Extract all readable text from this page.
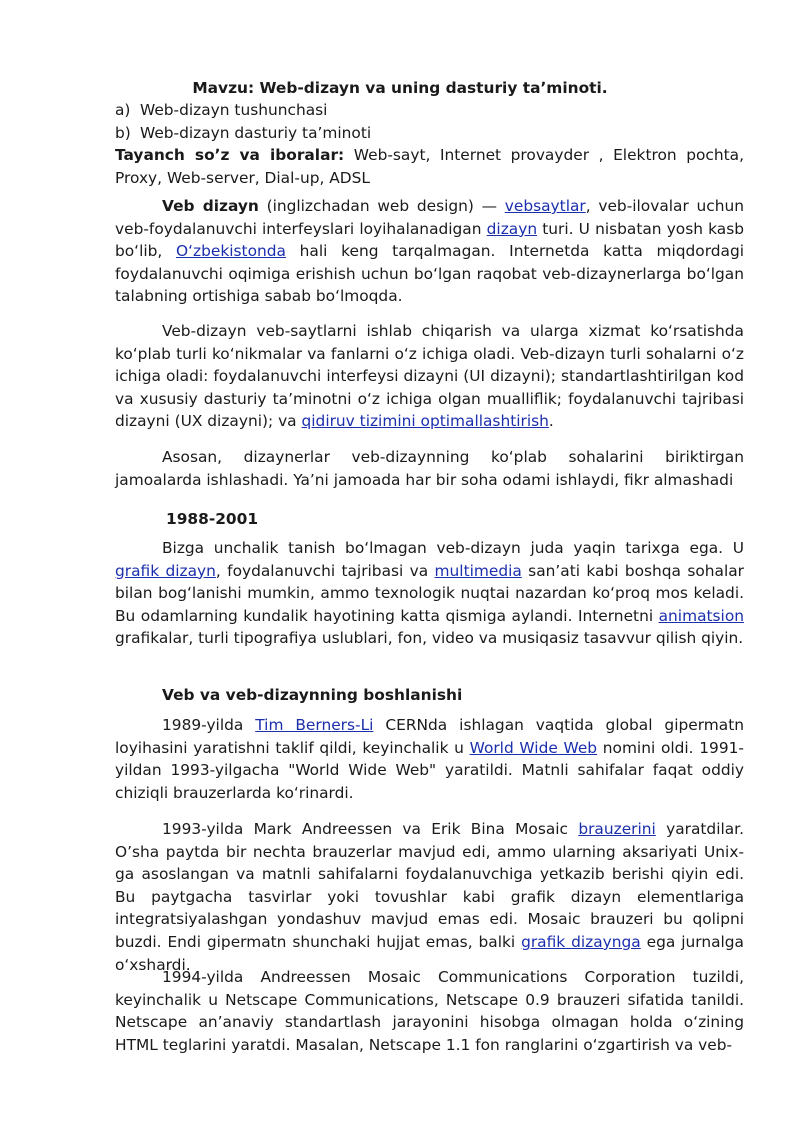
Mavzu: Web-dizayn va uning dasturiy taʼminoti.
a) Web-dizayn tushunchasi
b) Web-dizayn dasturiy taʼminoti
Tayanch soʼz va iboralar: Web-sayt, Internet provayder , Elektron pochta, Proxy, Web-server, Dial-up, ADSL
Veb dizayn (inglizchadan web design) — vebsaytlar, veb-ilovalar uchun veb-foydalanuvchi interfeyslari loyihalanadigan dizayn turi. U nisbatan yosh kasb boʻlib, Oʻzbekistonda hali keng tarqalmagan. Internetda katta miqdordagi foydalanuvchi oqimiga erishish uchun boʻlgan raqobat veb-dizaynerlarga boʻlgan talabning ortishiga sabab boʻlmoqda.
Veb-dizayn veb-saytlarni ishlab chiqarish va ularga xizmat koʻrsatishda koʻplab turli koʻnikmalar va fanlarni oʻz ichiga oladi. Veb-dizayn turli sohalarni oʻz ichiga oladi: foydalanuvchi interfeysi dizayni (UI dizayni); standartlashtirilgan kod va xususiy dasturiy taʼminotni oʻz ichiga olgan mualliflik; foydalanuvchi tajribasi dizayni (UX dizayni); va qidiruv tizimini optimallashtirish.
Asosan, dizaynerlar veb-dizaynning koʻplab sohalarini biriktirgan jamoalarda ishlashadi. Yaʼni jamoada har bir soha odami ishlaydi, fikr almashadi
1988-2001
Bizga unchalik tanish boʻlmagan veb-dizayn juda yaqin tarixga ega. U grafik dizayn, foydalanuvchi tajribasi va multimedia sanʼati kabi boshqa sohalar bilan bogʻlanishi mumkin, ammo texnologik nuqtai nazardan koʻproq mos keladi. Bu odamlarning kundalik hayotining katta qismiga aylandi. Internetni animatsion grafikalar, turli tipografiya uslublari, fon, video va musiqasiz tasavvur qilish qiyin.
Veb va veb-dizaynning boshlanishi
1989-yilda Tim Berners-Li CERNda ishlagan vaqtida global gipermatn loyihasini yaratishni taklif qildi, keyinchalik u World Wide Web nomini oldi. 1991-yildan 1993-yilgacha "World Wide Web" yaratildi. Matnli sahifalar faqat oddiy chiziqli brauzerlarda koʻrinardi.
1993-yilda Mark Andreessen va Erik Bina Mosaic brauzerini yaratdilar. Oʼsha paytda bir nechta brauzerlar mavjud edi, ammo ularning aksariyati Unix-ga asoslangan va matnli sahifalarni foydalanuvchiga yetkazib berishi qiyin edi. Bu paytgacha tasvirlar yoki tovushlar kabi grafik dizayn elementlariga integratsiyalashgan yondashuv mavjud emas edi. Mosaic brauzeri bu qolipni buzdi. Endi gipermatn shunchaki hujjat emas, balki grafik dizaynga ega jurnalga oʻxshardi.
1994-yilda Andreessen Mosaic Communications Corporation tuzildi, keyinchalik u Netscape Communications, Netscape 0.9 brauzeri sifatida tanildi. Netscape anʼanaviy standartlash jarayonini hisobga olmagan holda oʻzining HTML teglarini yaratdi. Masalan, Netscape 1.1 fon ranglarini oʻzgartirish va veb-
